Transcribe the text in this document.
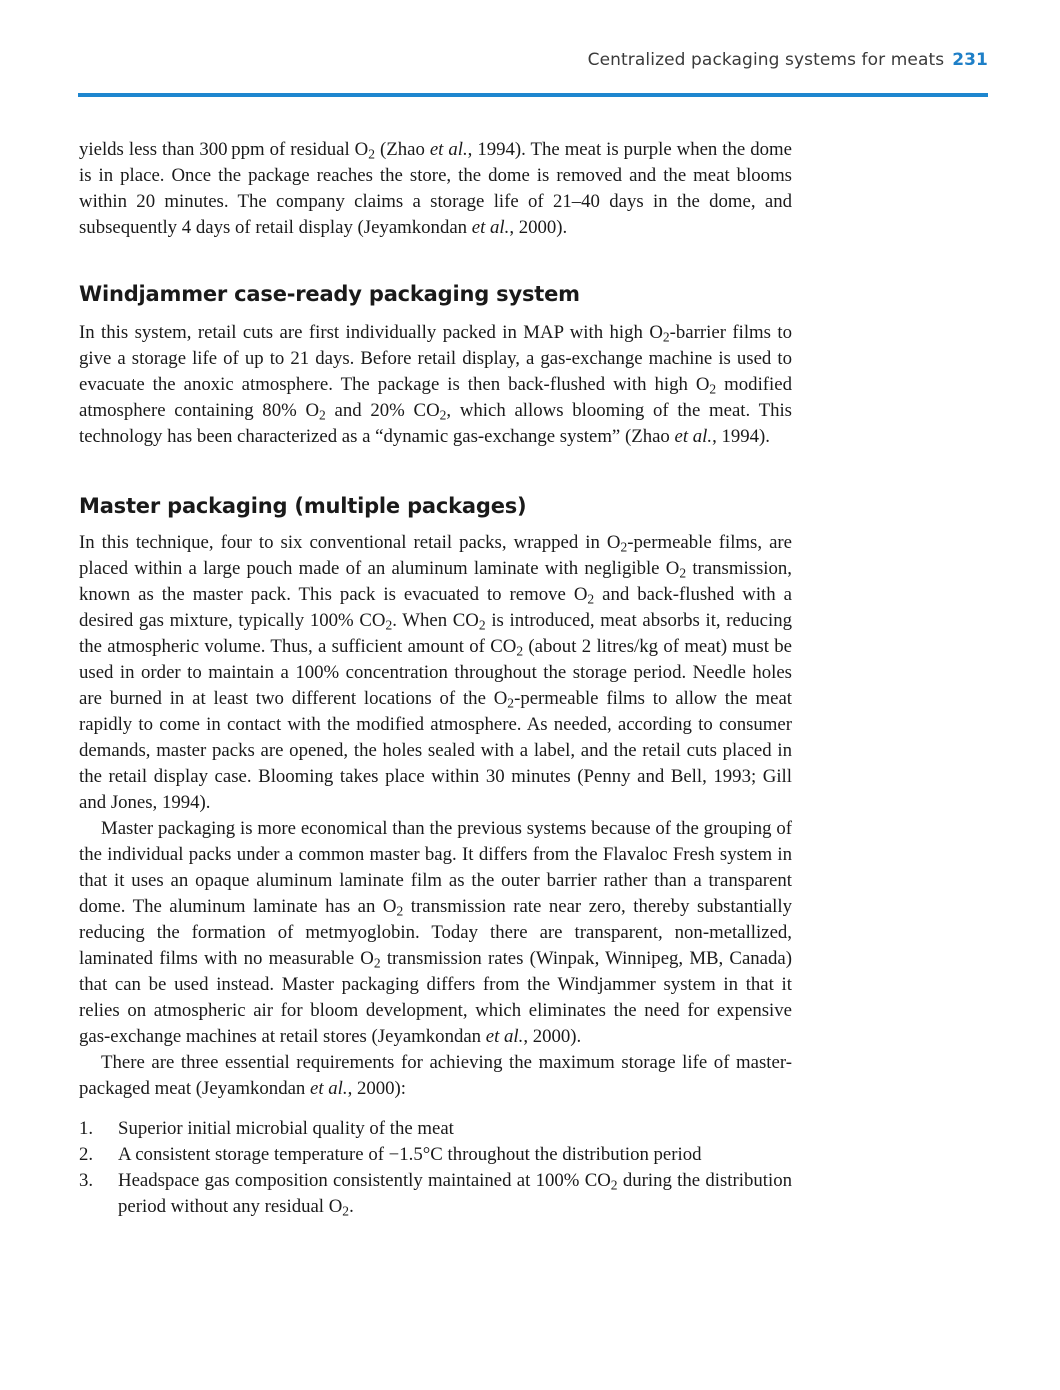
Centralized packaging systems for meats 231

yields less than 300 ppm of residual $O_2$ (Zhao et al., 1994). The meat is purple when the dome is in place. Once the package reaches the store, the dome is removed and the meat blooms within 20 minutes. The company claims a storage life of 21–40 days in the dome, and subsequently 4 days of retail display (Jeyamkondan et al., 2000).

Windjammer case-ready packaging system

In this system, retail cuts are first individually packed in MAP with high $O_2$-barrier films to give a storage life of up to 21 days. Before retail display, a gas-exchange machine is used to evacuate the anoxic atmosphere. The package is then back-flushed with high $O_2$ modified atmosphere containing 80% $O_2$ and 20% $CO_2$, which allows blooming of the meat. This technology has been characterized as a “dynamic gas-exchange system” (Zhao et al., 1994).

Master packaging (multiple packages)

In this technique, four to six conventional retail packs, wrapped in $O_2$-permeable films, are placed within a large pouch made of an aluminum laminate with negligible $O_2$ transmission, known as the master pack. This pack is evacuated to remove $O_2$ and back-flushed with a desired gas mixture, typically 100% $CO_2$. When $CO_2$ is introduced, meat absorbs it, reducing the atmospheric volume. Thus, a sufficient amount of $CO_2$ (about 2 litres/kg of meat) must be used in order to maintain a 100% concentration throughout the storage period. Needle holes are burned in at least two different locations of the $O_2$-permeable films to allow the meat rapidly to come in contact with the modified atmosphere. As needed, according to consumer demands, master packs are opened, the holes sealed with a label, and the retail cuts placed in the retail display case. Blooming takes place within 30 minutes (Penny and Bell, 1993; Gill and Jones, 1994).

Master packaging is more economical than the previous systems because of the grouping of the individual packs under a common master bag. It differs from the Flavaloc Fresh system in that it uses an opaque aluminum laminate film as the outer barrier rather than a transparent dome. The aluminum laminate has an $O_2$ transmission rate near zero, thereby substantially reducing the formation of metmyoglobin. Today there are transparent, non-metallized, laminated films with no measurable $O_2$ transmission rates (Winpak, Winnipeg, MB, Canada) that can be used instead. Master packaging differs from the Windjammer system in that it relies on atmospheric air for bloom development, which eliminates the need for expensive gas-exchange machines at retail stores (Jeyamkondan et al., 2000).

There are three essential requirements for achieving the maximum storage life of master-packaged meat (Jeyamkondan et al., 2000):

1. Superior initial microbial quality of the meat
2. A consistent storage temperature of −1.5°C throughout the distribution period
3. Headspace gas composition consistently maintained at 100% $CO_2$ during the distribution period without any residual $O_2$.
